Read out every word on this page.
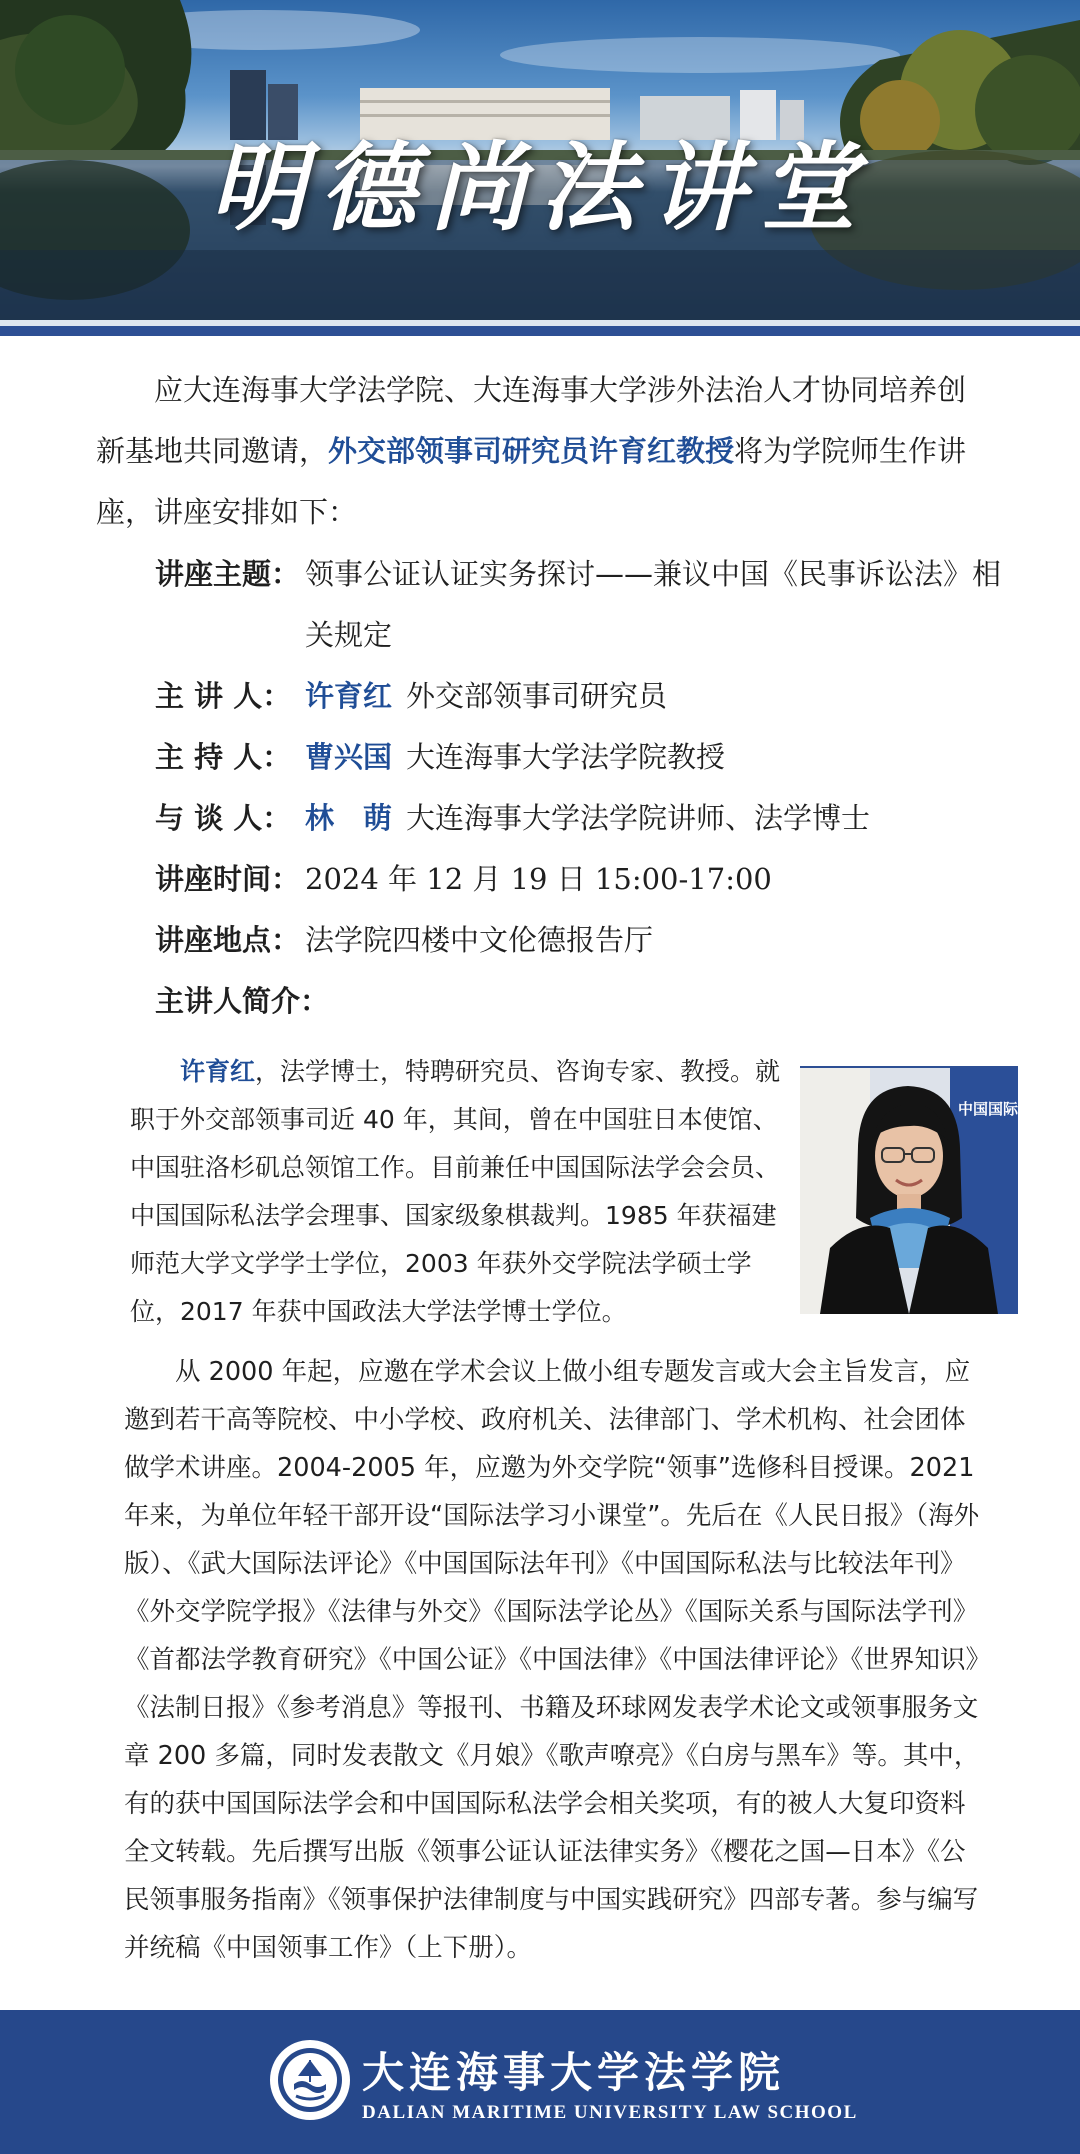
明德尚法讲堂

应大连海事大学法学院、大连海事大学涉外法治人才协同培养创新基地共同邀请，外交部领事司研究员许育红教授将为学院师生作讲座，讲座安排如下：

讲座主题： 领事公证认证实务探讨——兼议中国《民事诉讼法》相关规定
主 讲 人： 许育红 外交部领事司研究员
主 持 人： 曹兴国 大连海事大学法学院教授
与 谈 人： 林　萌 大连海事大学法学院讲师、法学博士
讲座时间： 2024 年 12 月 19 日 15:00-17:00
讲座地点： 法学院四楼中文伦德报告厅
主讲人简介：

许育红，法学博士，特聘研究员、咨询专家、教授。就职于外交部领事司近 40 年，其间，曾在中国驻日本使馆、中国驻洛杉矶总领馆工作。目前兼任中国国际法学会会员、中国国际私法学会理事、国家级象棋裁判。1985 年获福建师范大学文学学士学位，2003 年获外交学院法学硕士学位，2017 年获中国政法大学法学博士学位。

中国国际

从 2000 年起，应邀在学术会议上做小组专题发言或大会主旨发言，应邀到若干高等院校、中小学校、政府机关、法律部门、学术机构、社会团体做学术讲座。2004-2005 年，应邀为外交学院“领事”选修科目授课。2021 年来，为单位年轻干部开设“国际法学习小课堂”。先后在《人民日报》（海外版）、《武大国际法评论》《中国国际法年刊》《中国国际私法与比较法年刊》《外交学院学报》《法律与外交》《国际法学论丛》《国际关系与国际法学刊》《首都法学教育研究》《中国公证》《中国法律》《中国法律评论》《世界知识》《法制日报》《参考消息》等报刊、书籍及环球网发表学术论文或领事服务文章 200 多篇，同时发表散文《月娘》《歌声嘹亮》《白房与黑车》等。其中，有的获中国国际法学会和中国国际私法学会相关奖项，有的被人大复印资料全文转载。先后撰写出版《领事公证认证法律实务》《樱花之国—日本》《公民领事服务指南》《领事保护法律制度与中国实践研究》四部专著。参与编写并统稿《中国领事工作》（上下册）。

大连海事大学法学院
DALIAN MARITIME UNIVERSITY LAW SCHOOL
